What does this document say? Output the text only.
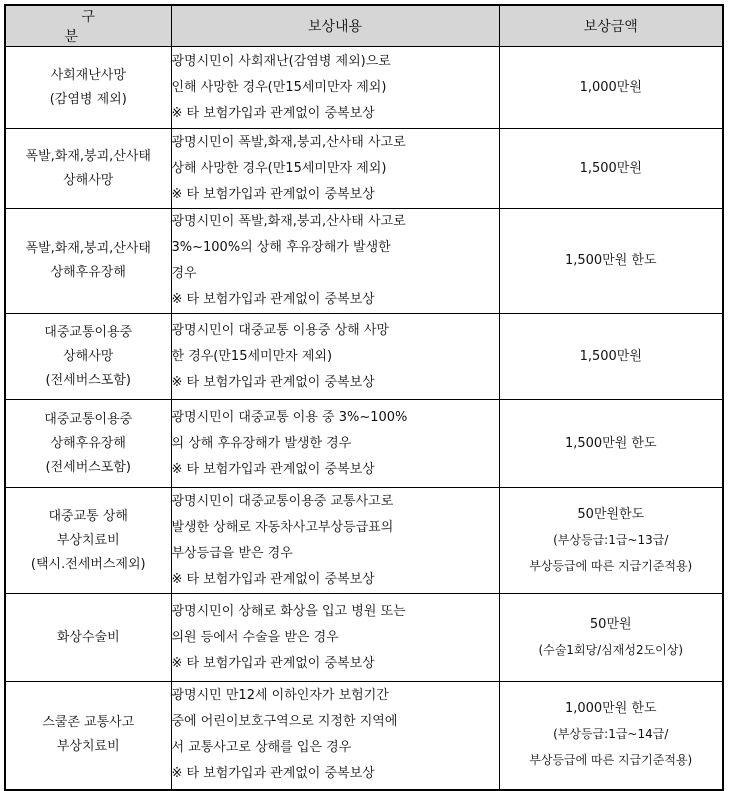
구 분	보상내용	보상금액

사회재난사망
(감염병 제외)	광명시민이 사회재난(감염병 제외)으로
인해 사망한 경우(만15세미만자 제외)
※ 타 보험가입과 관계없이 중복보상	1,000만원

폭발,화재,붕괴,산사태
상해사망	광명시민이 폭발,화재,붕괴,산사태 사고로
상해 사망한 경우(만15세미만자 제외)
※ 타 보험가입과 관계없이 중복보상	1,500만원

폭발,화재,붕괴,산사태
상해후유장해	광명시민이 폭발,화재,붕괴,산사태 사고로
3%~100%의 상해 후유장해가 발생한
경우
※ 타 보험가입과 관계없이 중복보상	1,500만원 한도

대중교통이용중
상해사망
(전세버스포함)	광명시민이 대중교통 이용중 상해 사망
한 경우(만15세미만자 제외)
※ 타 보험가입과 관계없이 중복보상	1,500만원

대중교통이용중
상해후유장해
(전세버스포함)	광명시민이 대중교통 이용 중 3%~100%
의 상해 후유장해가 발생한 경우
※ 타 보험가입과 관계없이 중복보상	1,500만원 한도

대중교통 상해
부상치료비
(택시.전세버스제외)	광명시민이 대중교통이용중 교통사고로
발생한 상해로 자동차사고부상등급표의
부상등급을 받은 경우
※ 타 보험가입과 관계없이 중복보상	50만원한도
(부상등급:1급~13급/
부상등급에 따른 지급기준적용)

화상수술비	광명시민이 상해로 화상을 입고 병원 또는
의원 등에서 수술을 받은 경우
※ 타 보험가입과 관계없이 중복보상	50만원
(수술1회당/심재성2도이상)

스쿨존 교통사고
부상치료비	광명시민 만12세 이하인자가 보험기간
중에 어린이보호구역으로 지정한 지역에
서 교통사고로 상해를 입은 경우
※ 타 보험가입과 관계없이 중복보상	1,000만원 한도
(부상등급:1급~14급/
부상등급에 따른 지급기준적용)
